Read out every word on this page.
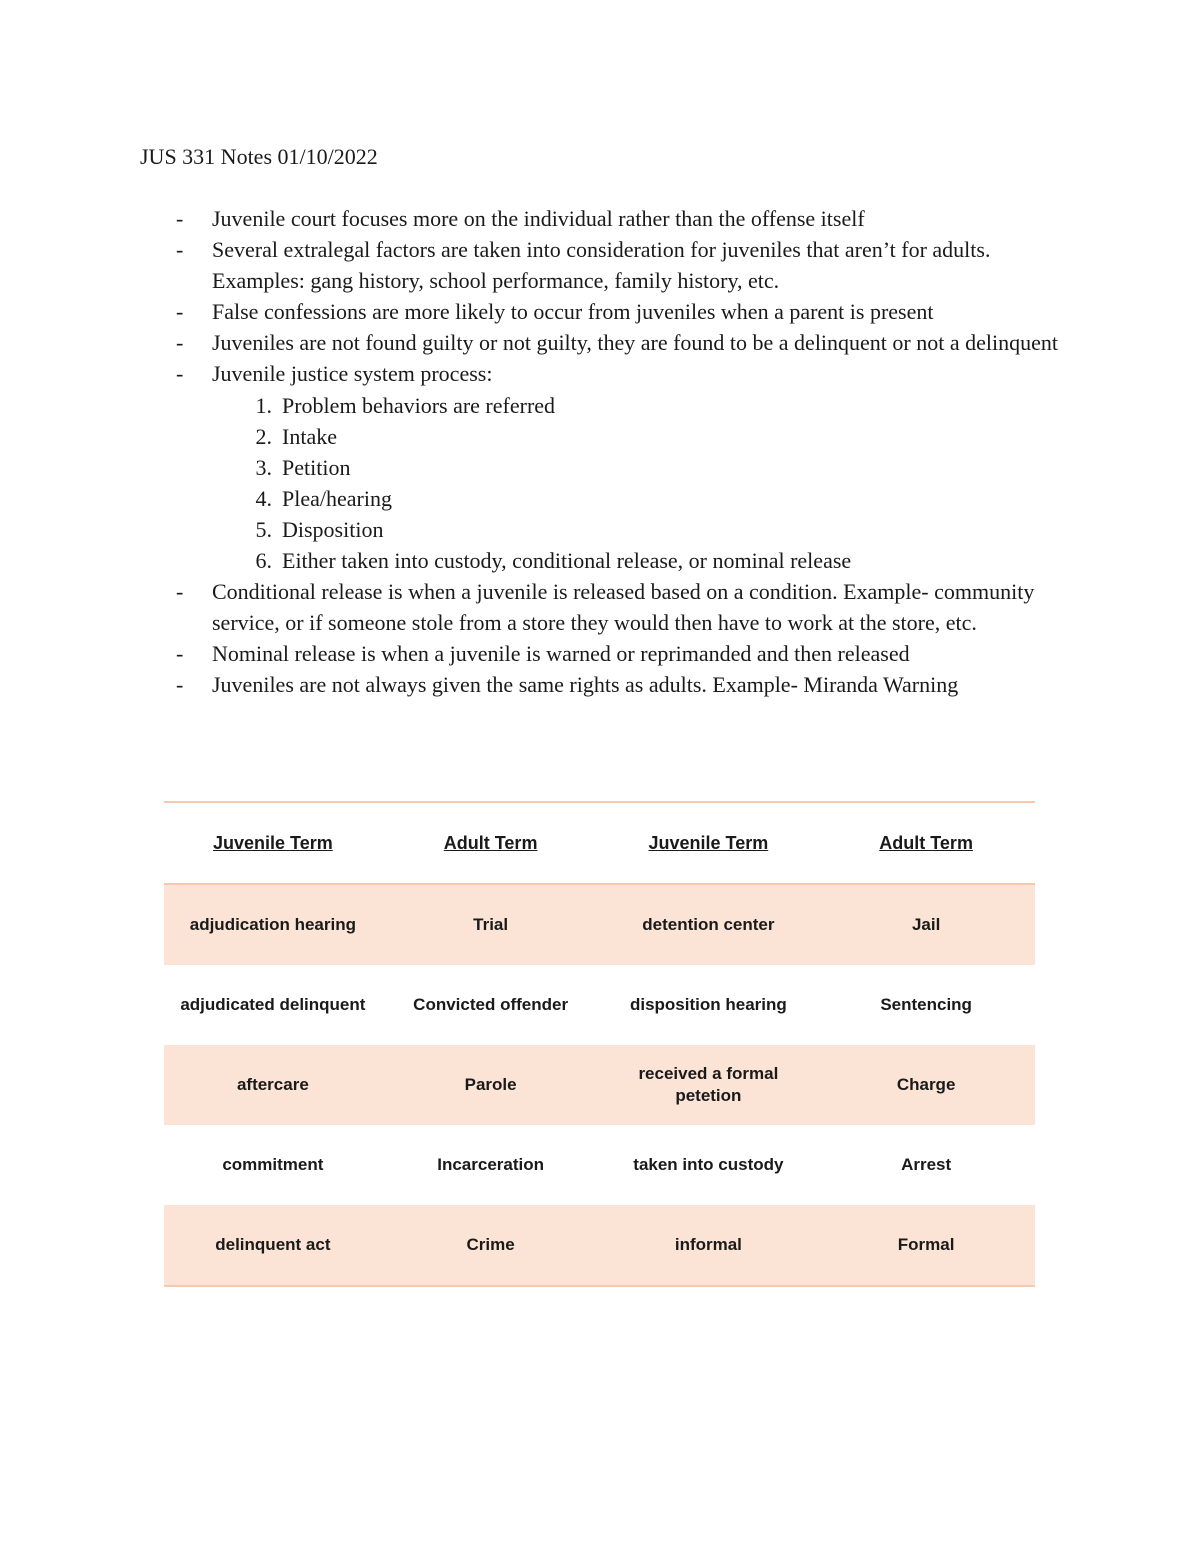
JUS 331 Notes 01/10/2022
- Juvenile court focuses more on the individual rather than the offense itself
- Several extralegal factors are taken into consideration for juveniles that aren’t for adults. Examples: gang history, school performance, family history, etc.
- False confessions are more likely to occur from juveniles when a parent is present
- Juveniles are not found guilty or not guilty, they are found to be a delinquent or not a delinquent
- Juvenile justice system process:
1. Problem behaviors are referred
2. Intake
3. Petition
4. Plea/hearing
5. Disposition
6. Either taken into custody, conditional release, or nominal release
- Conditional release is when a juvenile is released based on a condition. Example- community service, or if someone stole from a store they would then have to work at the store, etc.
- Nominal release is when a juvenile is warned or reprimanded and then released
- Juveniles are not always given the same rights as adults. Example- Miranda Warning
Juvenile Term	Adult Term	Juvenile Term	Adult Term
adjudication hearing	Trial	detention center	Jail
adjudicated delinquent	Convicted offender	disposition hearing	Sentencing
aftercare	Parole	received a formal petetion	Charge
commitment	Incarceration	taken into custody	Arrest
delinquent act	Crime	informal	Formal
